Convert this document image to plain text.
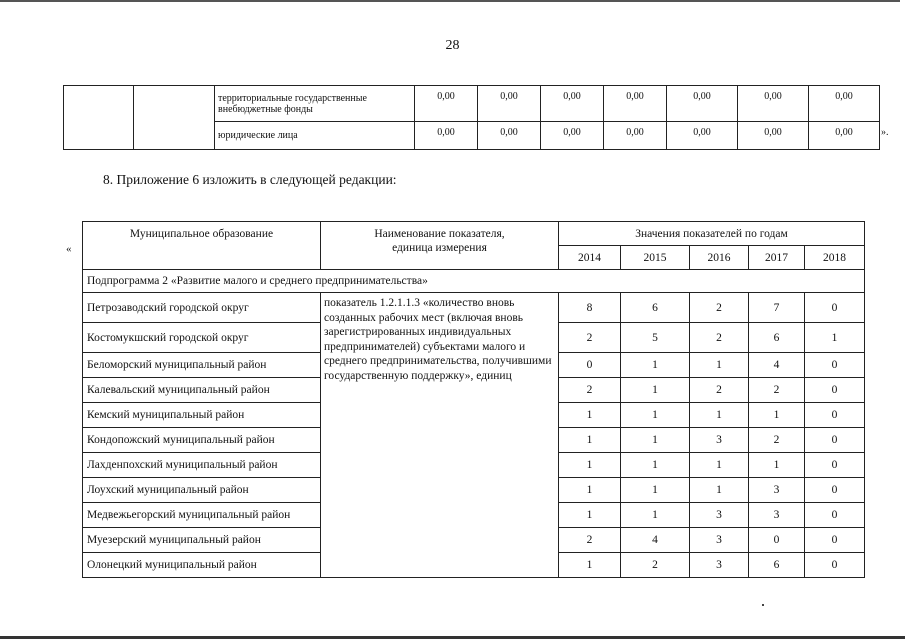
28
		территориальные государственные внебюджетные фонды	0,00	0,00	0,00	0,00	0,00	0,00	0,00
		юридические лица	0,00	0,00	0,00	0,00	0,00	0,00	0,00	».
8. Приложение 6 изложить в следующей редакции:
«
Муниципальное образование	Наименование показателя, единица измерения	Значения показателей по годам				
		2014	2015	2016	2017	2018
Подпрограмма 2 «Развитие малого и среднего предпринимательства»						
Петрозаводский городской округ	показатель 1.2.1.1.3 «количество вновь созданных рабочих мест (включая вновь зарегистрированных индивидуальных предпринимателей) субъектами малого и среднего предпринимательства, получившими государственную поддержку», единиц	8	6	2	7	0
Костомукшский городской округ		2	5	2	6	1
Беломорский муниципальный район		0	1	1	4	0
Калевальский муниципальный район		2	1	2	2	0
Кемский муниципальный район		1	1	1	1	0
Кондопожский муниципальный район		1	1	3	2	0
Лахденпохский муниципальный район		1	1	1	1	0
Лоухский муниципальный район		1	1	1	3	0
Медвежьегорский муниципальный район		1	1	3	3	0
Муезерский муниципальный район		2	4	3	0	0
Олонецкий муниципальный район		1	2	3	6	0
